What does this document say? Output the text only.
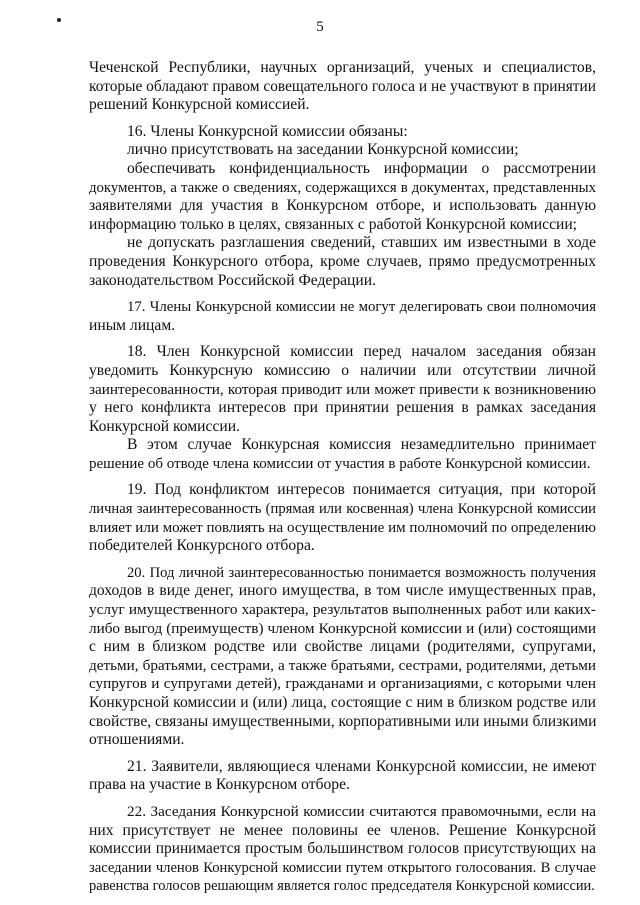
5
Чеченской Республики, научных организаций, ученых и специалистов,
которые обладают правом совещательного голоса и не участвуют в принятии
решений Конкурсной комиссией.
16. Члены Конкурсной комиссии обязаны:
лично присутствовать на заседании Конкурсной комиссии;
обеспечивать конфиденциальность информации о рассмотрении
документов, а также о сведениях, содержащихся в документах, представленных
заявителями для участия в Конкурсном отборе, и использовать данную
информацию только в целях, связанных с работой Конкурсной комиссии;
не допускать разглашения сведений, ставших им известными в ходе
проведения Конкурсного отбора, кроме случаев, прямо предусмотренных
законодательством Российской Федерации.
17. Члены Конкурсной комиссии не могут делегировать свои полномочия
иным лицам.
18. Член Конкурсной комиссии перед началом заседания обязан
уведомить Конкурсную комиссию о наличии или отсутствии личной
заинтересованности, которая приводит или может привести к возникновению
у него конфликта интересов при принятии решения в рамках заседания
Конкурсной комиссии.
В этом случае Конкурсная комиссия незамедлительно принимает
решение об отводе члена комиссии от участия в работе Конкурсной комиссии.
19. Под конфликтом интересов понимается ситуация, при которой
личная заинтересованность (прямая или косвенная) члена Конкурсной комиссии
влияет или может повлиять на осуществление им полномочий по определению
победителей Конкурсного отбора.
20. Под личной заинтересованностью понимается возможность получения
доходов в виде денег, иного имущества, в том числе имущественных прав,
услуг имущественного характера, результатов выполненных работ или каких-
либо выгод (преимуществ) членом Конкурсной комиссии и (или) состоящими
с ним в близком родстве или свойстве лицами (родителями, супругами,
детьми, братьями, сестрами, а также братьями, сестрами, родителями, детьми
супругов и супругами детей), гражданами и организациями, с которыми член
Конкурсной комиссии и (или) лица, состоящие с ним в близком родстве или
свойстве, связаны имущественными, корпоративными или иными близкими
отношениями.
21. Заявители, являющиеся членами Конкурсной комиссии, не имеют
права на участие в Конкурсном отборе.
22. Заседания Конкурсной комиссии считаются правомочными, если на
них присутствует не менее половины ее членов. Решение Конкурсной
комиссии принимается простым большинством голосов присутствующих на
заседании членов Конкурсной комиссии путем открытого голосования. В случае
равенства голосов решающим является голос председателя Конкурсной комиссии.
